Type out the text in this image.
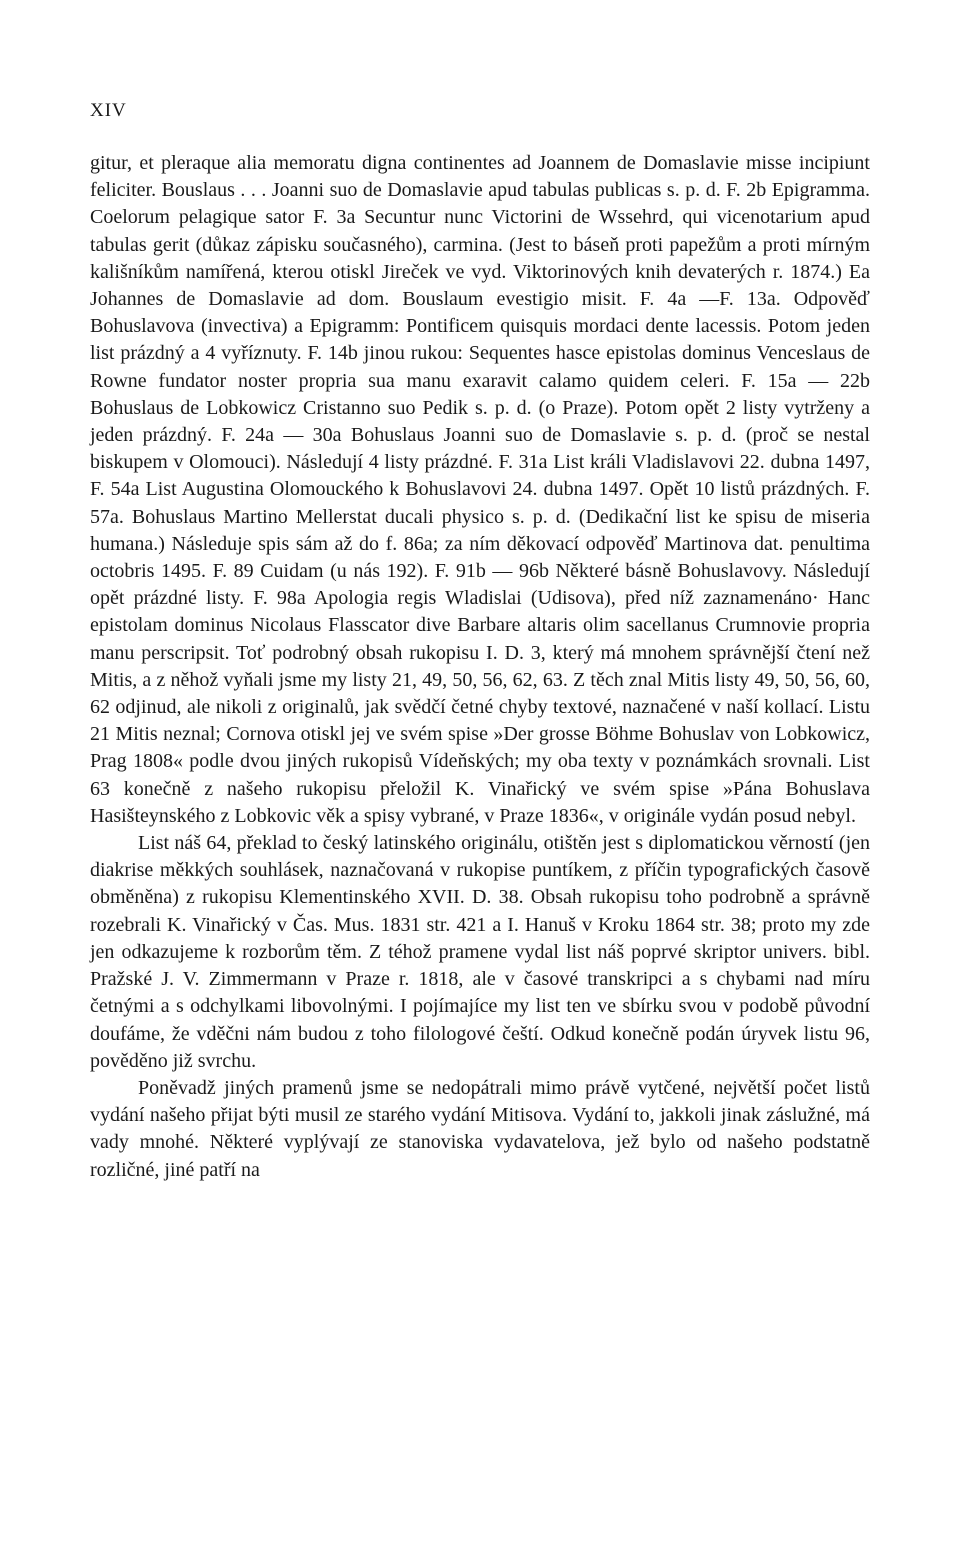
XIV

gitur, et pleraque alia memoratu digna continentes ad Joannem de Domaslavie misse incipiunt feliciter. Bouslaus . . . Joanni suo de Domaslavie apud tabulas publicas s. p. d. F. 2b Epigramma. Coelorum pelagique sator F. 3a Secuntur nunc Victorini de Wssehrd, qui vicenotarium apud tabulas gerit (důkaz zápisku současného), carmina. (Jest to báseň proti papežům a proti mírným kališníkům namířená, kterou otiskl Jireček ve vyd. Viktorinových knih devaterých r. 1874.) Ea Johannes de Domaslavie ad dom. Bouslaum evestigio misit. F. 4a —F. 13a. Odpověď Bohuslavova (invectiva) a Epigramm: Pontificem quisquis mordaci dente lacessis. Potom jeden list prázdný a 4 vyříznuty. F. 14b jinou rukou: Sequentes hasce epistolas dominus Venceslaus de Rowne fundator noster propria sua manu exaravit calamo quidem celeri. F. 15a — 22b Bohuslaus de Lobkowicz Cristanno suo Pedik s. p. d. (o Praze). Potom opět 2 listy vytrženy a jeden prázdný. F. 24a — 30a Bohuslaus Joanni suo de Domaslavie s. p. d. (proč se nestal biskupem v Olomouci). Následují 4 listy prázdné. F. 31a List králi Vladislavovi 22. dubna 1497, F. 54a List Augustina Olomouckého k Bohuslavovi 24. dubna 1497. Opět 10 listů prázdných. F. 57a. Bohuslaus Martino Mellerstat ducali physico s. p. d. (Dedikační list ke spisu de miseria humana.) Následuje spis sám až do f. 86a; za ním děkovací odpověď Martinova dat. penultima octobris 1495. F. 89 Cuidam (u nás 192). F. 91b — 96b Některé básně Bohuslavovy. Následují opět prázdné listy. F. 98a Apologia regis Wladislai (Udisova), před níž zaznamenáno· Hanc epistolam dominus Nicolaus Flasscator dive Barbare altaris olim sacellanus Crumnovie propria manu perscripsit. Toť podrobný obsah rukopisu I. D. 3, který má mnohem správnější čtení než Mitis, a z něhož vyňali jsme my listy 21, 49, 50, 56, 62, 63. Z těch znal Mitis listy 49, 50, 56, 60, 62 odjinud, ale nikoli z originalů, jak svědčí četné chyby textové, naznačené v naší kollací. Listu 21 Mitis neznal; Cornova otiskl jej ve svém spise »Der grosse Böhme Bohuslav von Lobkowicz, Prag 1808« podle dvou jiných rukopisů Vídeňských; my oba texty v poznámkách srovnali. List 63 konečně z našeho rukopisu přeložil K. Vinařický ve svém spise »Pána Bohuslava Hasišteynského z Lobkovic věk a spisy vybrané, v Praze 1836«, v originále vydán posud nebyl.

List náš 64, překlad to český latinského originálu, otištěn jest s diplomatickou věrností (jen diakrise měkkých souhlásek, naznačovaná v rukopise puntíkem, z příčin typografických časově obměněna) z rukopisu Klementinského XVII. D. 38. Obsah rukopisu toho podrobně a správně rozebrali K. Vinařický v Čas. Mus. 1831 str. 421 a I. Hanuš v Kroku 1864 str. 38; proto my zde jen odkazujeme k rozborům těm. Z téhož pramene vydal list náš poprvé skriptor univers. bibl. Pražské J. V. Zimmermann v Praze r. 1818, ale v časové transkripci a s chybami nad míru četnými a s odchylkami libovolnými. I pojímajíce my list ten ve sbírku svou v podobě původní doufáme, že vděčni nám budou z toho filologové čeští. Odkud konečně podán úryvek listu 96, pověděno již svrchu.

Poněvadž jiných pramenů jsme se nedopátrali mimo právě vytčené, největší počet listů vydání našeho přijat býti musil ze starého vydání Mitisova. Vydání to, jakkoli jinak záslužné, má vady mnohé. Některé vyplývají ze stanoviska vydavatelova, jež bylo od našeho podstatně rozličné, jiné patří na
